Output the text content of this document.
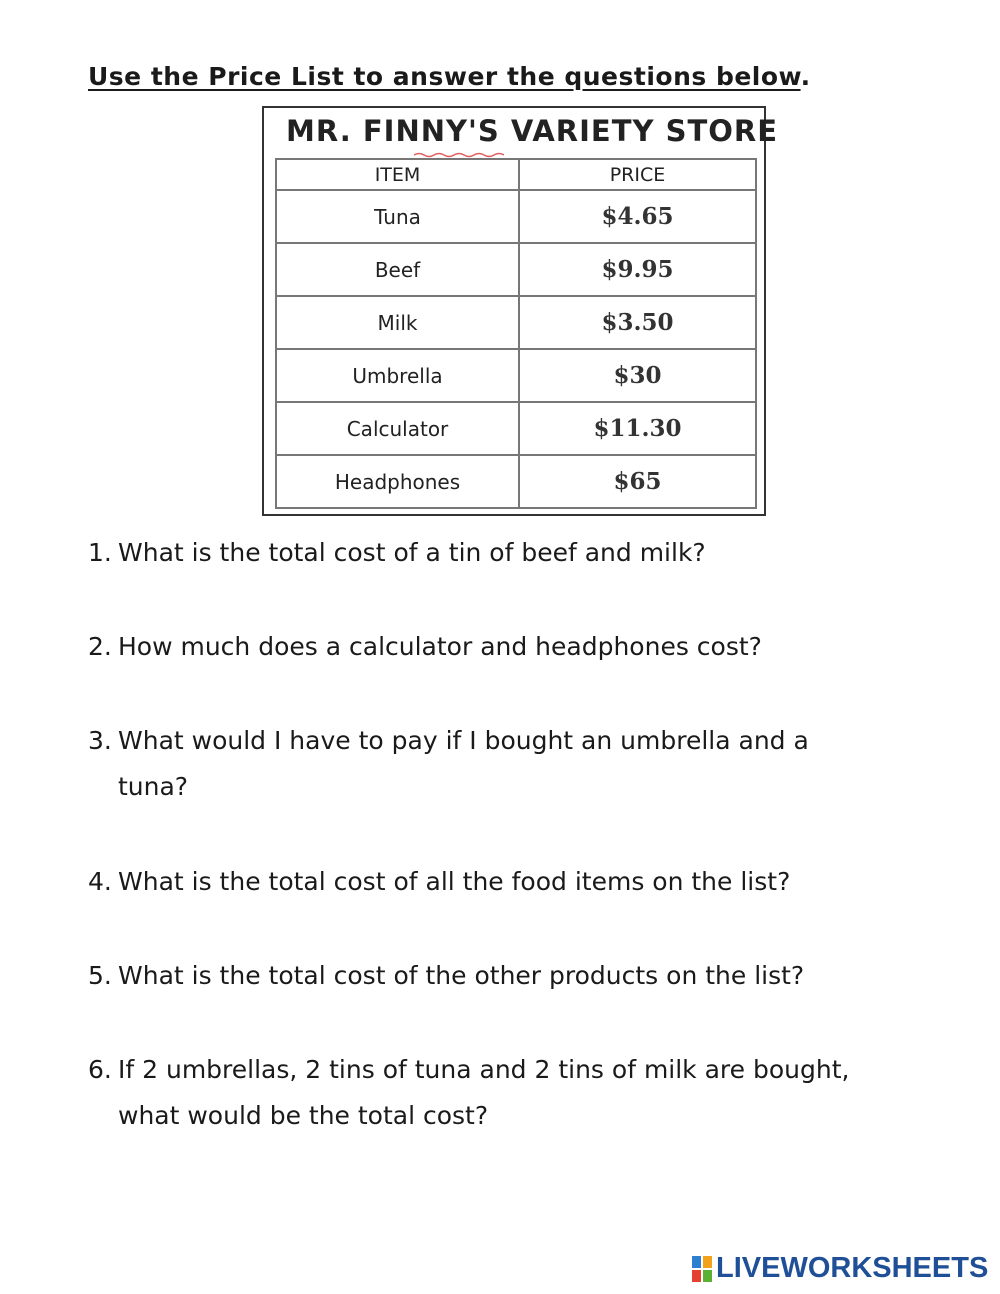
Use the Price List to answer the questions below.

MR. FINNY'S VARIETY STORE
ITEM	PRICE
Tuna	$4.65
Beef	$9.95
Milk	$3.50
Umbrella	$30
Calculator	$11.30
Headphones	$65
1. What is the total cost of a tin of beef and milk?
2. How much does a calculator and headphones cost?
3. What would I have to pay if I bought an umbrella and a
tuna?
4. What is the total cost of all the food items on the list?
5. What is the total cost of the other products on the list?
6. If 2 umbrellas, 2 tins of tuna and 2 tins of milk are bought,
what would be the total cost?
LIVEWORKSHEETS
